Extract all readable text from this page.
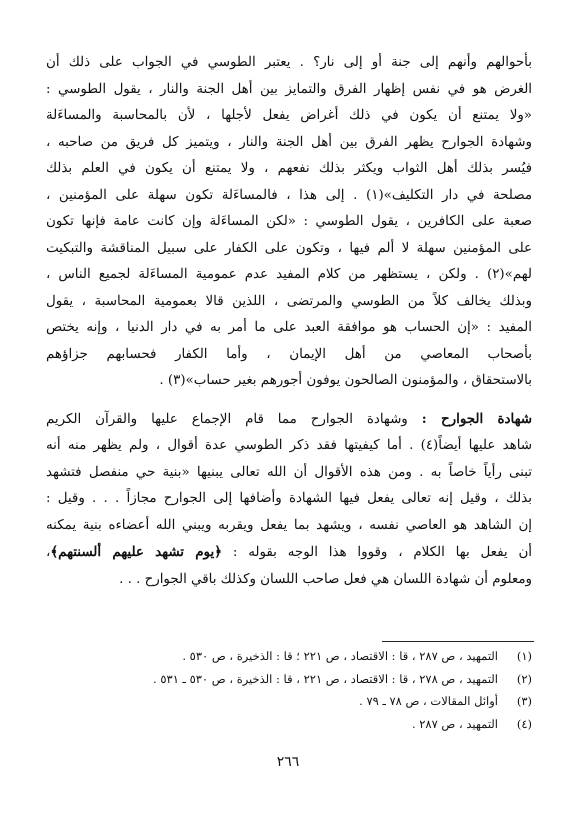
بأحوالهم وأنهم إلى جنة أو إلى نار؟ . يعتبر الطوسي في الجواب على ذلك أن
الغرض هو في نفس إظهار الفرق والتمايز بين أهل الجنة والنار ، يقول الطوسي :
«ولا يمتنع أن يكون في ذلك أغراض يفعل لأجلها ، لأن بالمحاسبة والمساءَلة
وشهادة الجوارح يظهر الفرق بين أهل الجنة والنار ، ويتميز كل فريق من صاحبه ،
فيُسر بذلك أهل الثواب ويكثر بذلك نفعهم ، ولا يمتنع أن يكون في العلم بذلك
مصلحة في دار التكليف»(١) . إلى هذا ، فالمساءَلة تكون سهلة على المؤمنين ،
صعبة على الكافرين ، يقول الطوسي : «لكن المساءَلة وإن كانت عامة فإنها تكون
على المؤمنين سهلة لا ألم فيها ، وتكون على الكفار على سبيل المناقشة والتبكيت
لهم»(٢) . ولكن ، يستظهر من كلام المفيد عدم عمومية المساءَلة لجميع الناس ،
وبذلك يخالف كلاً من الطوسي والمرتضى ، اللذين قالا بعمومية المحاسبة ، يقول
المفيد : «إن الحساب هو موافقة العبد على ما أمر به في دار الدنيا ، وإنه يختص
بأصحاب المعاصي من أهل الإيمان ، وأما الكفار فحسابهم جزاؤهم
بالاستحقاق ، والمؤمنون الصالحون يوفون أجورهم بغير حساب»(٣) .

شهادة الجوارح : وشهادة الجوارح مما قام الإجماع عليها والقرآن الكريم
شاهد عليها أيضاً(٤) . أما كيفيتها فقد ذكر الطوسي عدة أقوال ، ولم يظهر منه أنه
تبنى رأياً خاصاً به . ومن هذه الأقوال أن الله تعالى يبنيها «بنية حي منفصل فتشهد
بذلك ، وقيل إنه تعالى يفعل فيها الشهادة وأضافها إلى الجوارح مجازاً . . . وقيل :
إن الشاهد هو العاصي نفسه ، ويشهد بما يفعل ويقربه ويبني الله أعضاءه بنية يمكنه
أن يفعل بها الكلام ، وقووا هذا الوجه بقوله : ﴿يوم تشهد عليهم ألسنتهم﴾،
ومعلوم أن شهادة اللسان هي فعل صاحب اللسان وكذلك باقي الجوارح . . .

(١)
التمهيد ، ص ٢٨٧ ، قا : الاقتصاد ، ص ٢٢١ ؛ قا : الذخيرة ، ص ٥٣٠ .
(٢)
التمهيد ، ص ٢٧٨ ، قا : الاقتصاد ، ص ٢٢١ ، قا : الذخيرة ، ص ٥٣٠ ـ ٥٣١ .
(٣)
أوائل المقالات ، ص ٧٨ ـ ٧٩ .
(٤)
التمهيد ، ص ٢٨٧ .
٢٦٦
